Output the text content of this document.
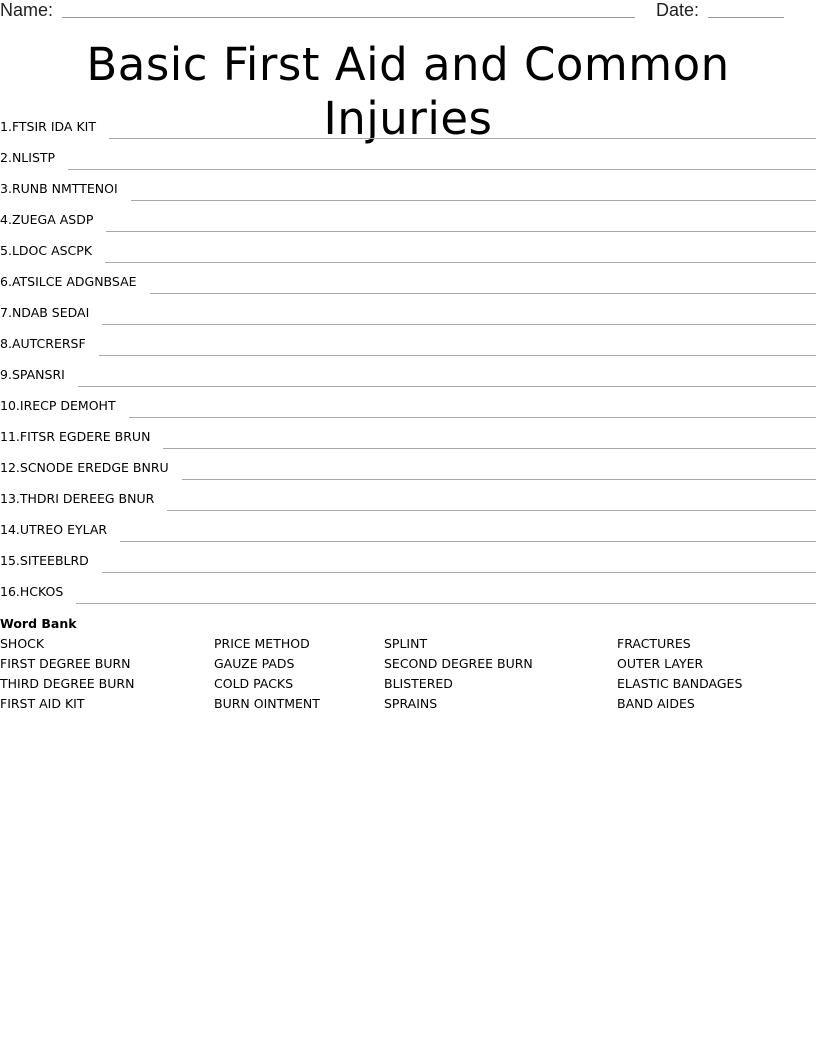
Name:	Date:
Basic First Aid and Common Injuries
1. FTSIR IDA KIT
2. NLISTP
3. RUNB NMTTENOI
4. ZUEGA ASDP
5. LDOC ASCPK
6. ATSILCE ADGNBSAE
7. NDAB SEDAI
8. AUTCRERSF
9. SPANSRI
10. IRECP DEMOHT
11. FITSR EGDERE BRUN
12. SCNODE EREDGE BNRU
13. THDRI DEREEG BNUR
14. UTREO EYLAR
15. SITEEBLRD
16. HCKOS
Word Bank
SHOCK	PRICE METHOD	SPLINT	FRACTURES
FIRST DEGREE BURN	GAUZE PADS	SECOND DEGREE BURN	OUTER LAYER
THIRD DEGREE BURN	COLD PACKS	BLISTERED	ELASTIC BANDAGES
FIRST AID KIT	BURN OINTMENT	SPRAINS	BAND AIDES
